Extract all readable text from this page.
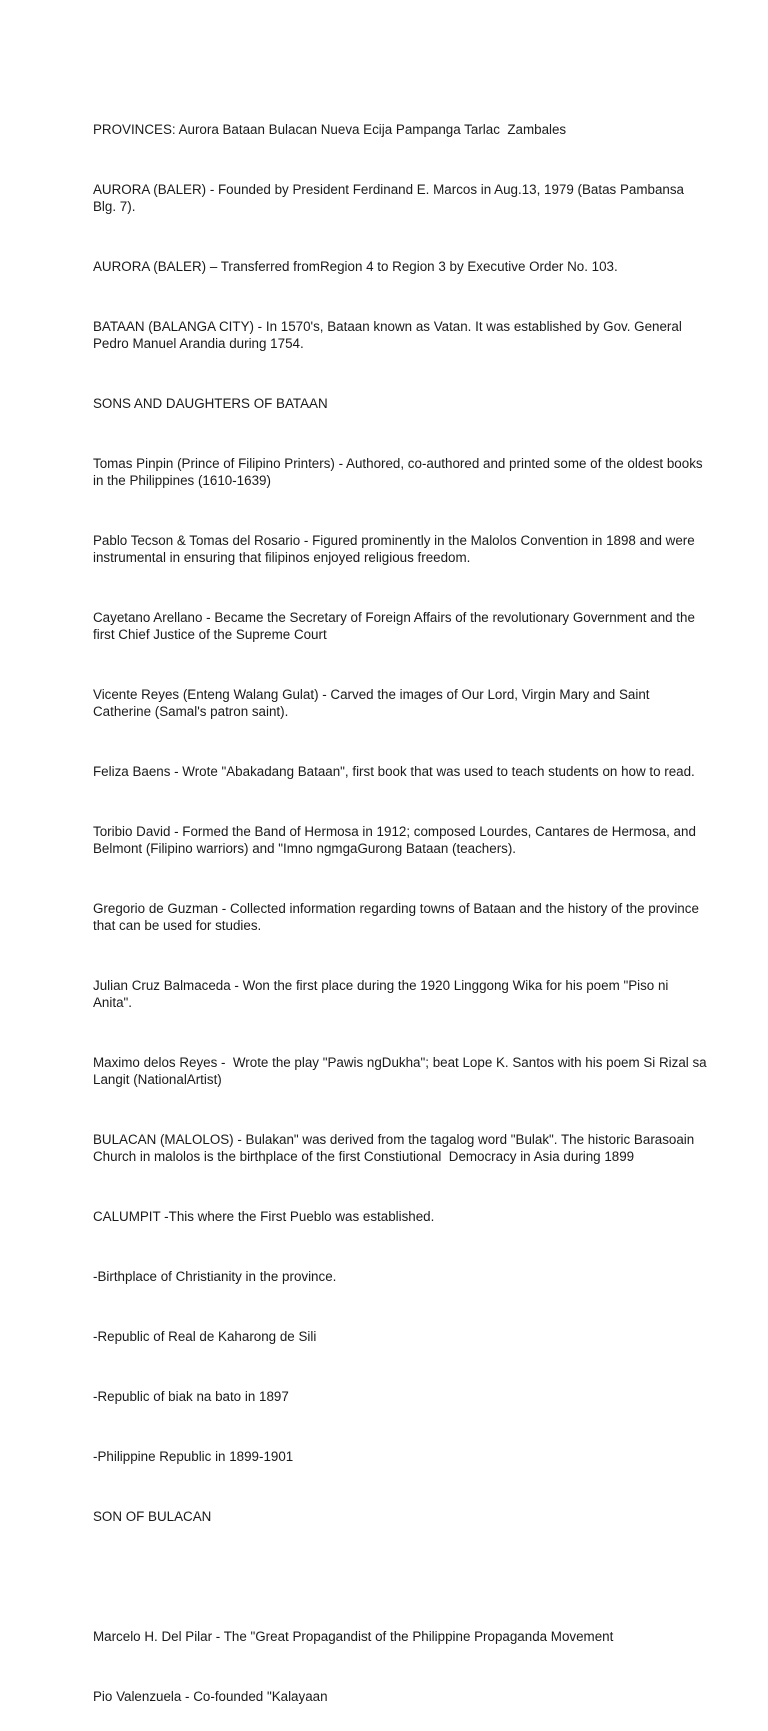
PROVINCES: Aurora Bataan Bulacan Nueva Ecija Pampanga Tarlac  Zambales

AURORA (BALER) - Founded by President Ferdinand E. Marcos in Aug.13, 1979 (Batas Pambansa Blg. 7).

AURORA (BALER) – Transferred fromRegion 4 to Region 3 by Executive Order No. 103.

BATAAN (BALANGA CITY) - In 1570's, Bataan known as Vatan. It was established by Gov. General Pedro Manuel Arandia during 1754.

SONS AND DAUGHTERS OF BATAAN

Tomas Pinpin (Prince of Filipino Printers) - Authored, co-authored and printed some of the oldest books in the Philippines (1610-1639)

Pablo Tecson & Tomas del Rosario - Figured prominently in the Malolos Convention in 1898 and were instrumental in ensuring that filipinos enjoyed religious freedom.

Cayetano Arellano - Became the Secretary of Foreign Affairs of the revolutionary Government and the first Chief Justice of the Supreme Court

Vicente Reyes (Enteng Walang Gulat) - Carved the images of Our Lord, Virgin Mary and Saint Catherine (Samal's patron saint).

Feliza Baens - Wrote "Abakadang Bataan", first book that was used to teach students on how to read.

Toribio David - Formed the Band of Hermosa in 1912; composed Lourdes, Cantares de Hermosa, and Belmont (Filipino warriors) and "Imno ngmgaGurong Bataan (teachers).

Gregorio de Guzman - Collected information regarding towns of Bataan and the history of the province that can be used for studies.

Julian Cruz Balmaceda - Won the first place during the 1920 Linggong Wika for his poem "Piso ni Anita".

Maximo delos Reyes -  Wrote the play "Pawis ngDukha"; beat Lope K. Santos with his poem Si Rizal sa Langit (NationalArtist)

BULACAN (MALOLOS) - Bulakan" was derived from the tagalog word "Bulak". The historic Barasoain Church in malolos is the birthplace of the first Constiutional  Democracy in Asia during 1899

CALUMPIT -This where the First Pueblo was established.

-Birthplace of Christianity in the province.

-Republic of Real de Kaharong de Sili

-Republic of biak na bato in 1897

-Philippine Republic in 1899-1901

SON OF BULACAN

Marcelo H. Del Pilar - The "Great Propagandist of the Philippine Propaganda Movement

Pio Valenzuela - Co-founded "Kalayaan
